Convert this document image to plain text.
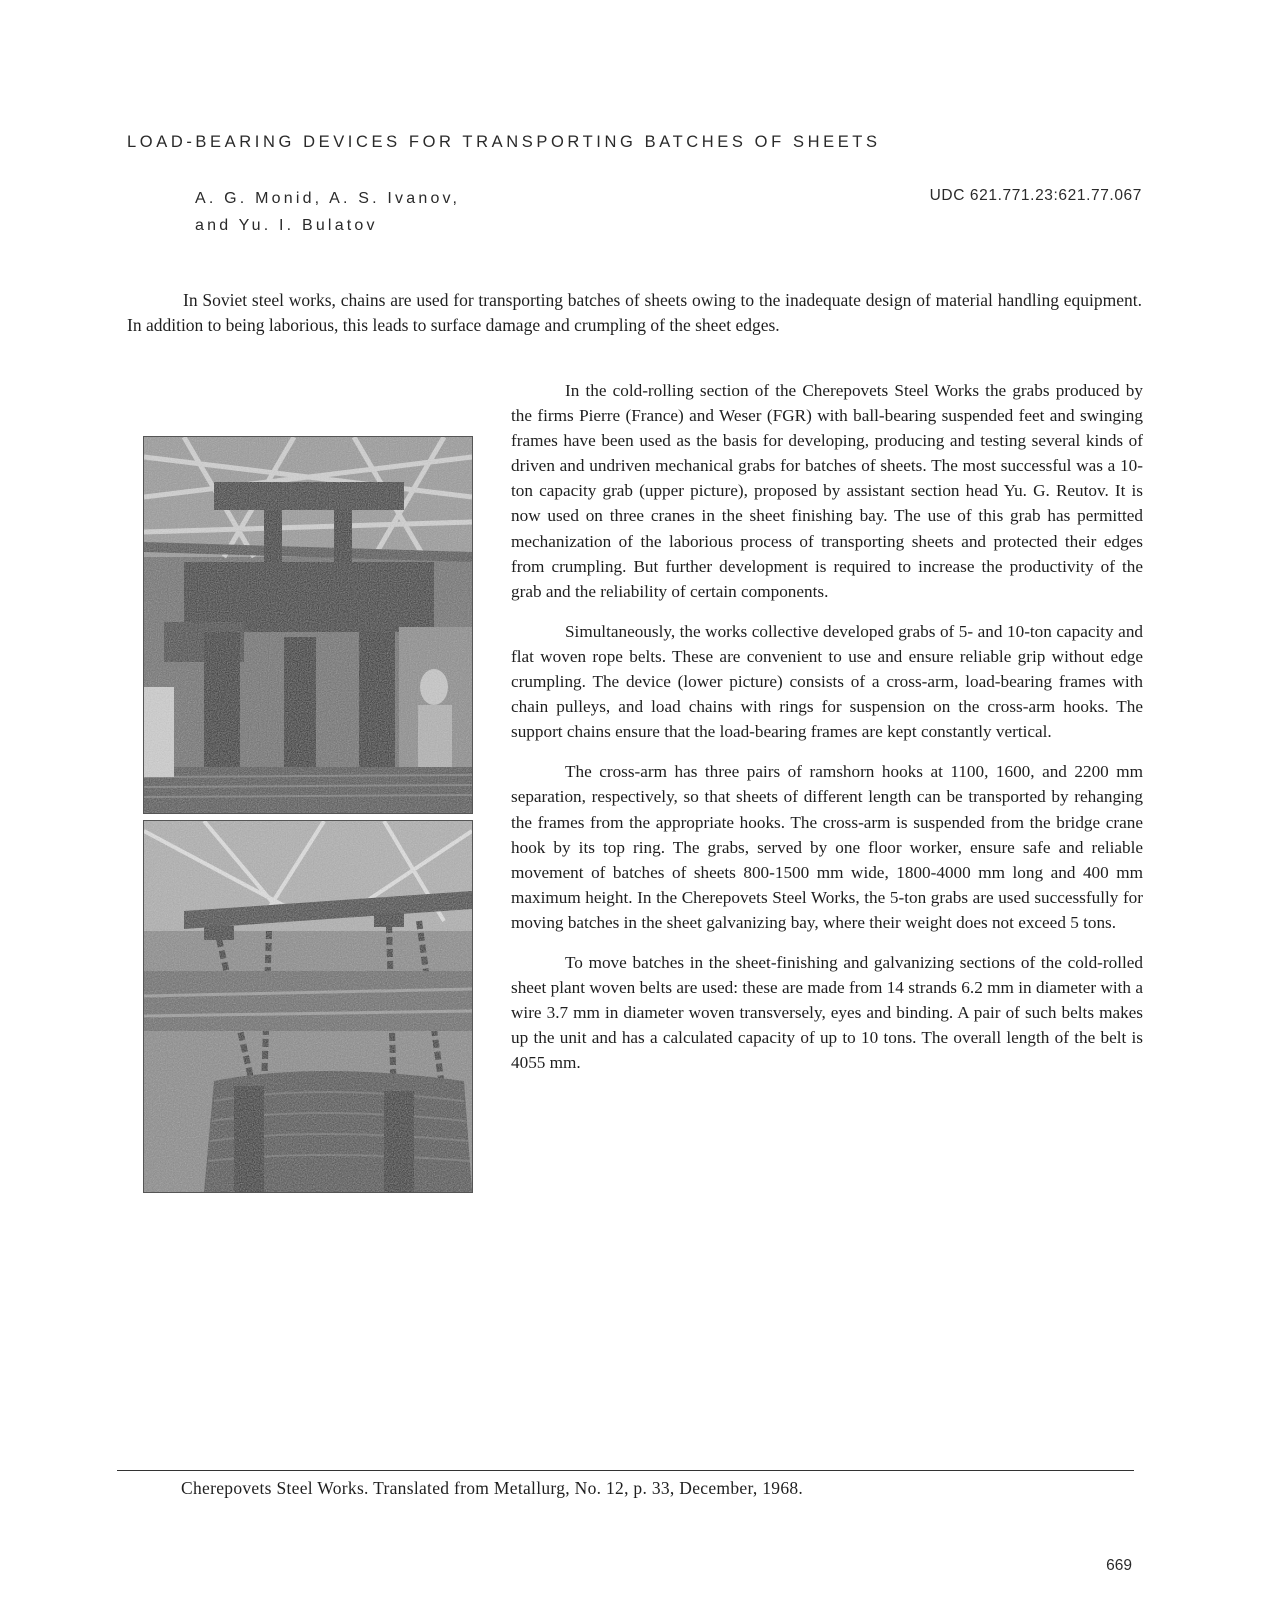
LOAD-BEARING DEVICES FOR TRANSPORTING BATCHES OF SHEETS
A. G. Monid, A. S. Ivanov,
and Yu. I. Bulatov
UDC 621.771.23:621.77.067

In Soviet steel works, chains are used for transporting batches of sheets owing to the inadequate design of material handling equipment. In addition to being laborious, this leads to surface damage and crumpling of the sheet edges.

In the cold-rolling section of the Cherepovets Steel Works the grabs produced by the firms Pierre (France) and Weser (FGR) with ball-bearing suspended feet and swinging frames have been used as the basis for developing, producing and testing several kinds of driven and undriven mechanical grabs for batches of sheets. The most successful was a 10-ton capacity grab (upper picture), proposed by assistant section head Yu. G. Reutov. It is now used on three cranes in the sheet finishing bay. The use of this grab has permitted mechanization of the laborious process of transporting sheets and protected their edges from crumpling. But further development is required to increase the productivity of the grab and the reliability of certain components.

Simultaneously, the works collective developed grabs of 5- and 10-ton capacity and flat woven rope belts. These are convenient to use and ensure reliable grip without edge crumpling. The device (lower picture) consists of a cross-arm, load-bearing frames with chain pulleys, and load chains with rings for suspension on the cross-arm hooks. The support chains ensure that the load-bearing frames are kept constantly vertical.

The cross-arm has three pairs of ramshorn hooks at 1100, 1600, and 2200 mm separation, respectively, so that sheets of different length can be transported by rehanging the frames from the appropriate hooks. The cross-arm is suspended from the bridge crane hook by its top ring. The grabs, served by one floor worker, ensure safe and reliable movement of batches of sheets 800-1500 mm wide, 1800-4000 mm long and 400 mm maximum height. In the Cherepovets Steel Works, the 5-ton grabs are used successfully for moving batches in the sheet galvanizing bay, where their weight does not exceed 5 tons.

To move batches in the sheet-finishing and galvanizing sections of the cold-rolled sheet plant woven belts are used: these are made from 14 strands 6.2 mm in diameter with a wire 3.7 mm in diameter woven transversely, eyes and binding. A pair of such belts makes up the unit and has a calculated capacity of up to 10 tons. The overall length of the belt is 4055 mm.

Cherepovets Steel Works. Translated from Metallurg, No. 12, p. 33, December, 1968.
669
